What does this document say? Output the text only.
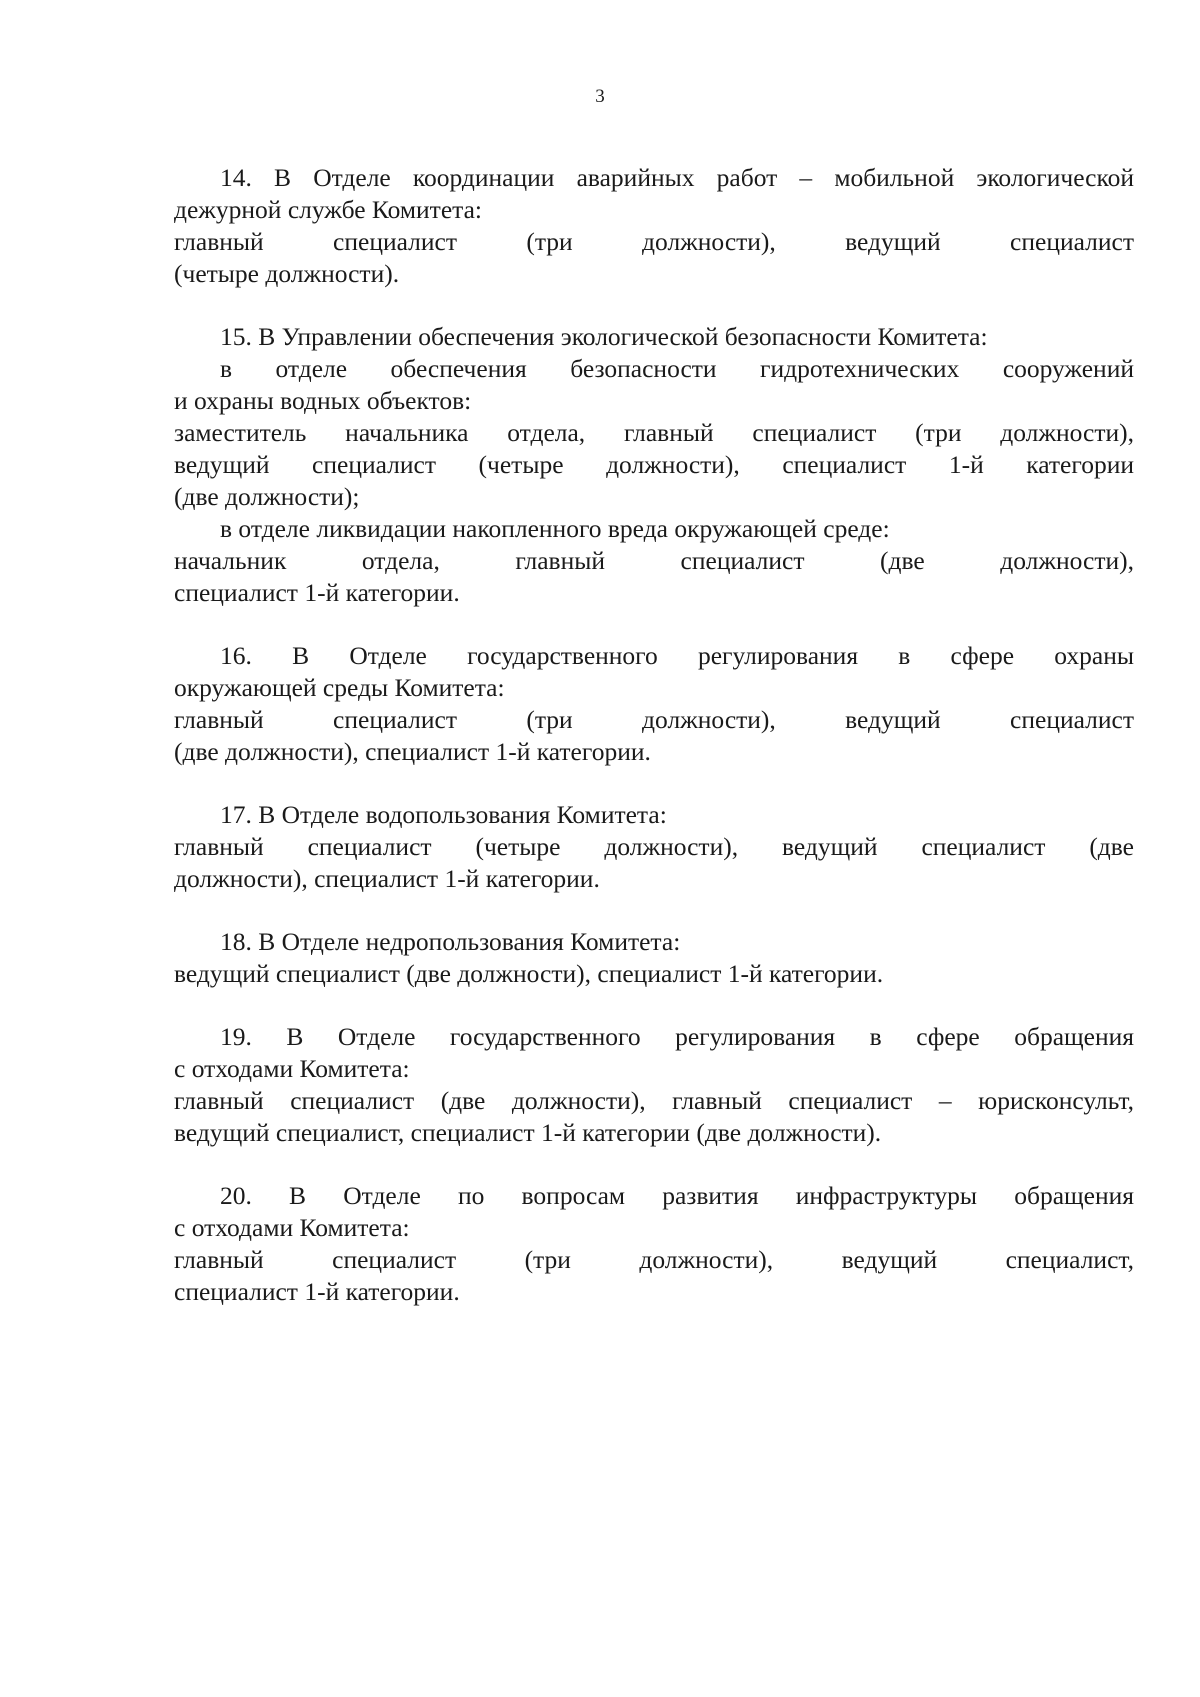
3
14. В Отделе координации аварийных работ – мобильной экологической
дежурной службе Комитета:
главный специалист (три должности), ведущий специалист
(четыре должности).
15. В Управлении обеспечения экологической безопасности Комитета:
в отделе обеспечения безопасности гидротехнических сооружений
и охраны водных объектов:
заместитель начальника отдела, главный специалист (три должности),
ведущий специалист (четыре должности), специалист 1-й категории
(две должности);
в отделе ликвидации накопленного вреда окружающей среде:
начальник отдела, главный специалист (две должности),
специалист 1-й категории.
16. В Отделе государственного регулирования в сфере охраны
окружающей среды Комитета:
главный специалист (три должности), ведущий специалист
(две должности), специалист 1-й категории.
17. В Отделе водопользования Комитета:
главный специалист (четыре должности), ведущий специалист (две
должности), специалист 1-й категории.
18. В Отделе недропользования Комитета:
ведущий специалист (две должности), специалист 1-й категории.
19. В Отделе государственного регулирования в сфере обращения
с отходами Комитета:
главный специалист (две должности), главный специалист – юрисконсульт,
ведущий специалист, специалист 1-й категории (две должности).
20. В Отделе по вопросам развития инфраструктуры обращения
с отходами Комитета:
главный специалист (три должности), ведущий специалист,
специалист 1-й категории.
